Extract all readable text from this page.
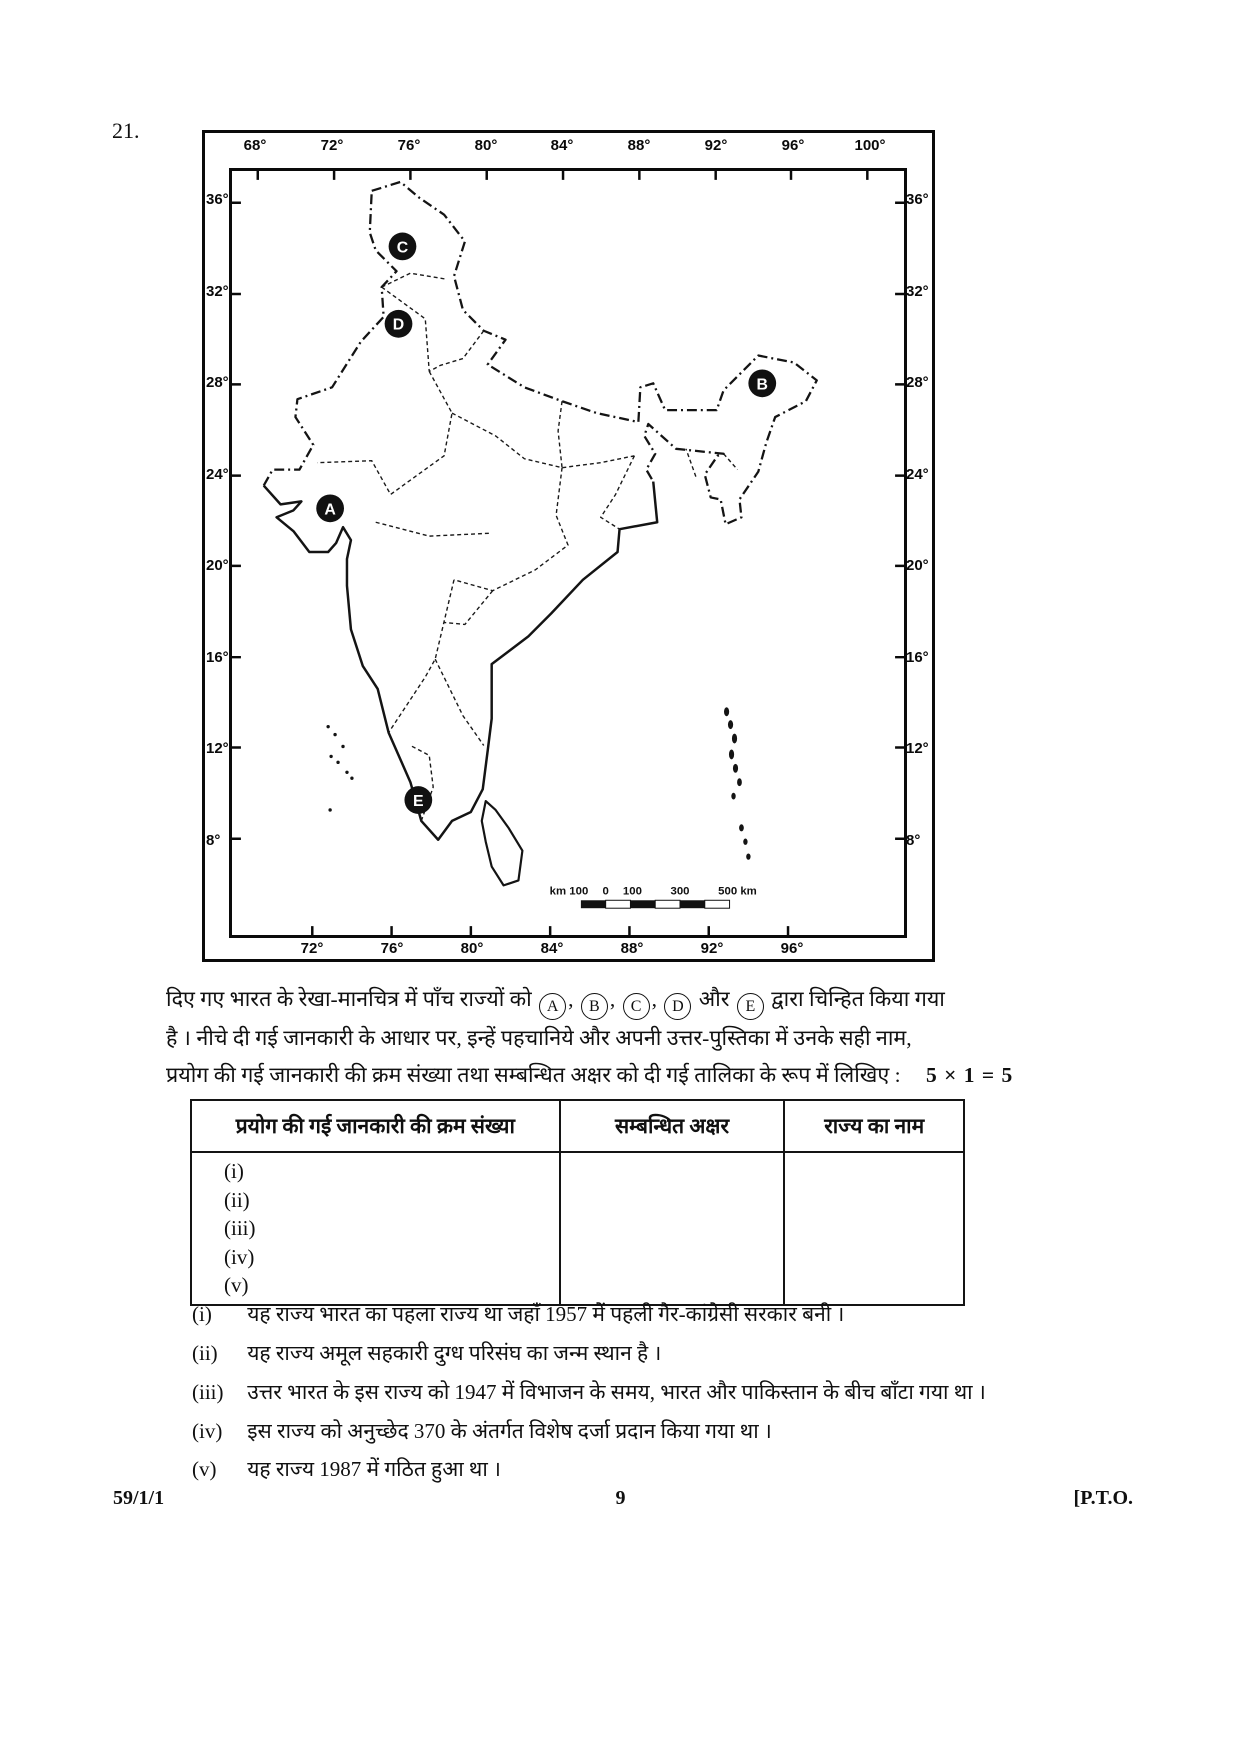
21.
68°	72°	76°	80°	84°	88°	92°	96°	100°
72°	76°	80°	84°	88°	92°	96°
36°
32°
28°
24°
20°
16°
12°
8°
36°
32°
28°
24°
20°
16°
12°
8°
km 100 0 100 300 500 km
A
B
C
D
E
दिए गए भारत के रेखा-मानचित्र में पाँच राज्यों को A , B , C , D और E द्वारा चिन्हित किया गया
है । नीचे दी गई जानकारी के आधार पर, इन्हें पहचानिये और अपनी उत्तर-पुस्तिका में उनके सही नाम,
प्रयोग की गई जानकारी की क्रम संख्या तथा सम्बन्धित अक्षर को दी गई तालिका के रूप में लिखिए : 5 × 1 = 5
प्रयोग की गई जानकारी की क्रम संख्या	सम्बन्धित अक्षर	राज्य का नाम

(i)
(ii)
(iii)
(iv)
(v)		

(i) यह राज्य भारत का पहला राज्य था जहाँ 1957 में पहली गैर-कांग्रेसी सरकार बनी ।
(ii) यह राज्य अमूल सहकारी दुग्ध परिसंघ का जन्म स्थान है ।
(iii) उत्तर भारत के इस राज्य को 1947 में विभाजन के समय, भारत और पाकिस्तान के बीच बाँटा गया था ।
(iv) इस राज्य को अनुच्छेद 370 के अंतर्गत विशेष दर्जा प्रदान किया गया था ।
(v) यह राज्य 1987 में गठित हुआ था ।
59/1/1	9	[P.T.O.
